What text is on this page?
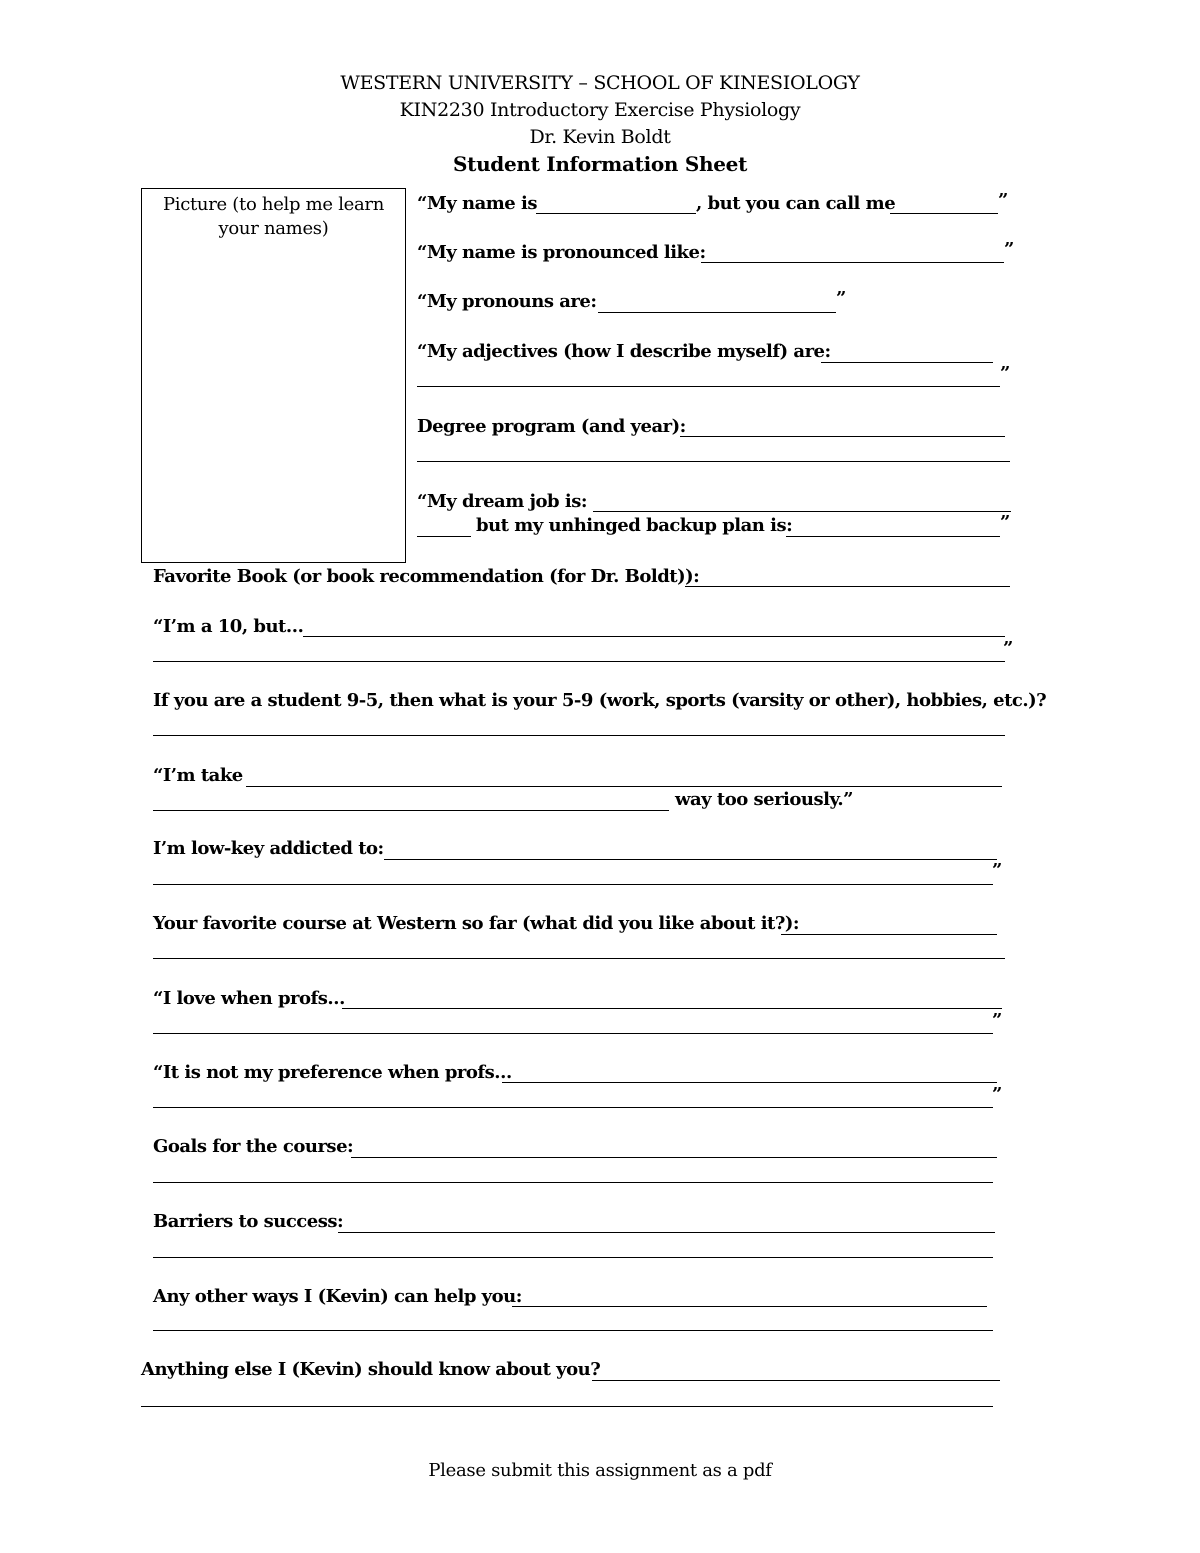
WESTERN UNIVERSITY – SCHOOL OF KINESIOLOGY
KIN2230 Introductory Exercise Physiology
Dr. Kevin Boldt
Student Information Sheet
Picture (to help me learn your names)
“My name is	, but you can call me	”
“My name is pronounced like:	”
“My pronouns are:	”
“My adjectives (how I describe myself) are:
”
Degree program (and year):
“My dream job is:
but my unhinged backup plan is:	”
Favorite Book (or book recommendation (for Dr. Boldt)):
“I’m a 10, but…
”
If you are a student 9-5, then what is your 5-9 (work, sports (varsity or other), hobbies, etc.)?
“I’m take
way too seriously.”
I’m low-key addicted to:
”
Your favorite course at Western so far (what did you like about it?):
“I love when profs…
”
“It is not my preference when profs…
”
Goals for the course:
Barriers to success:
Any other ways I (Kevin) can help you:
Anything else I (Kevin) should know about you?
Please submit this assignment as a pdf
